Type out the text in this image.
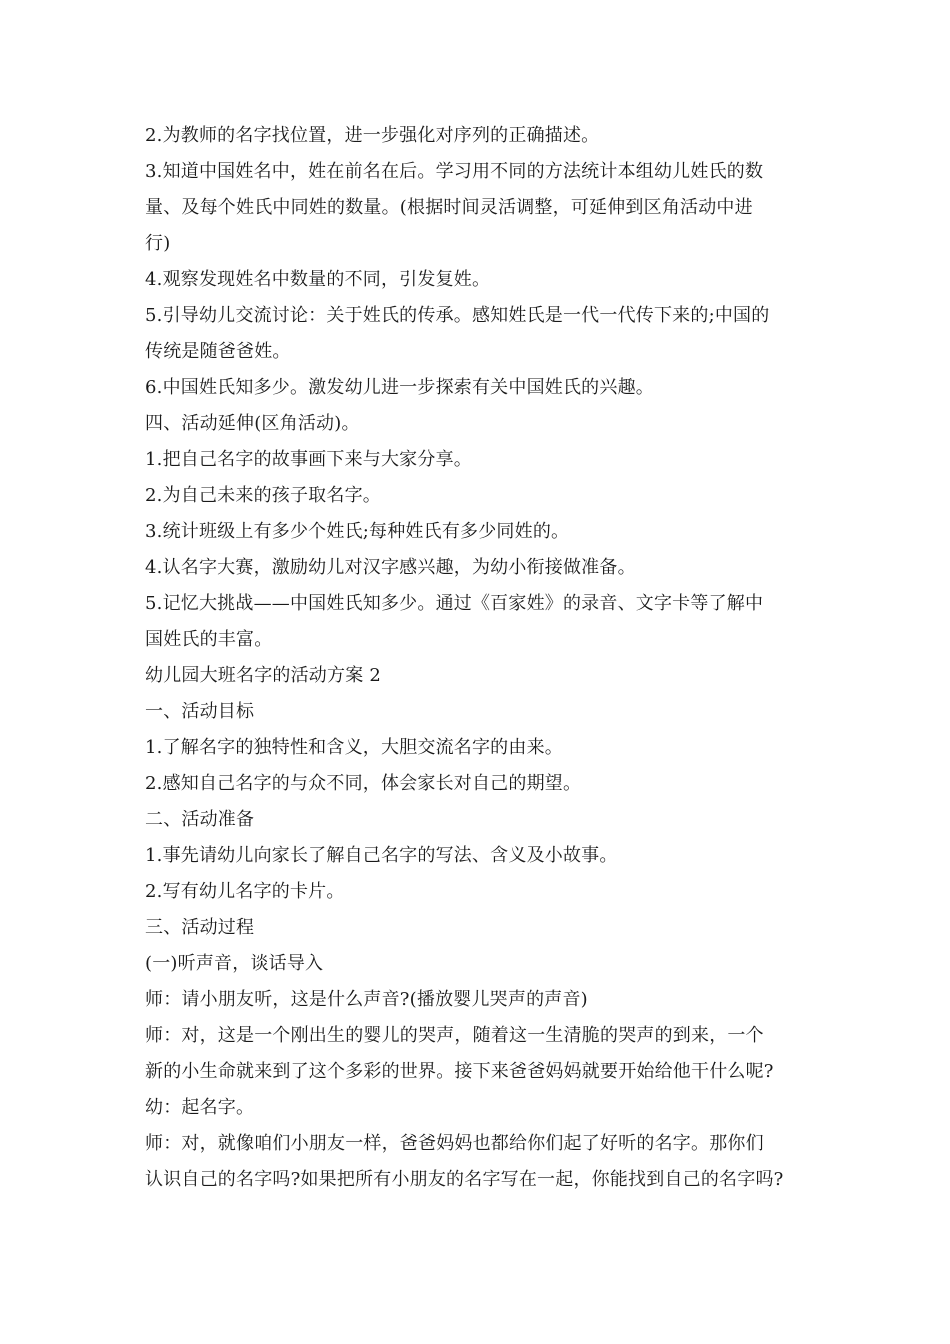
2.为教师的名字找位置，进一步强化对序列的正确描述。
3.知道中国姓名中，姓在前名在后。学习用不同的方法统计本组幼儿姓氏的数
量、及每个姓氏中同姓的数量。(根据时间灵活调整，可延伸到区角活动中进
行)
4.观察发现姓名中数量的不同，引发复姓。
5.引导幼儿交流讨论：关于姓氏的传承。感知姓氏是一代一代传下来的;中国的
传统是随爸爸姓。
6.中国姓氏知多少。激发幼儿进一步探索有关中国姓氏的兴趣。
四、活动延伸(区角活动)。
1.把自己名字的故事画下来与大家分享。
2.为自己未来的孩子取名字。
3.统计班级上有多少个姓氏;每种姓氏有多少同姓的。
4.认名字大赛，激励幼儿对汉字感兴趣，为幼小衔接做准备。
5.记忆大挑战——中国姓氏知多少。通过《百家姓》的录音、文字卡等了解中
国姓氏的丰富。
幼儿园大班名字的活动方案 2
一、活动目标
1.了解名字的独特性和含义，大胆交流名字的由来。
2.感知自己名字的与众不同，体会家长对自己的期望。
二、活动准备
1.事先请幼儿向家长了解自己名字的写法、含义及小故事。
2.写有幼儿名字的卡片。
三、活动过程
(一)听声音，谈话导入
师：请小朋友听，这是什么声音?(播放婴儿哭声的声音)
师：对，这是一个刚出生的婴儿的哭声，随着这一生清脆的哭声的到来，一个
新的小生命就来到了这个多彩的世界。接下来爸爸妈妈就要开始给他干什么呢?
幼：起名字。
师：对，就像咱们小朋友一样，爸爸妈妈也都给你们起了好听的名字。那你们
认识自己的名字吗?如果把所有小朋友的名字写在一起，你能找到自己的名字吗?
